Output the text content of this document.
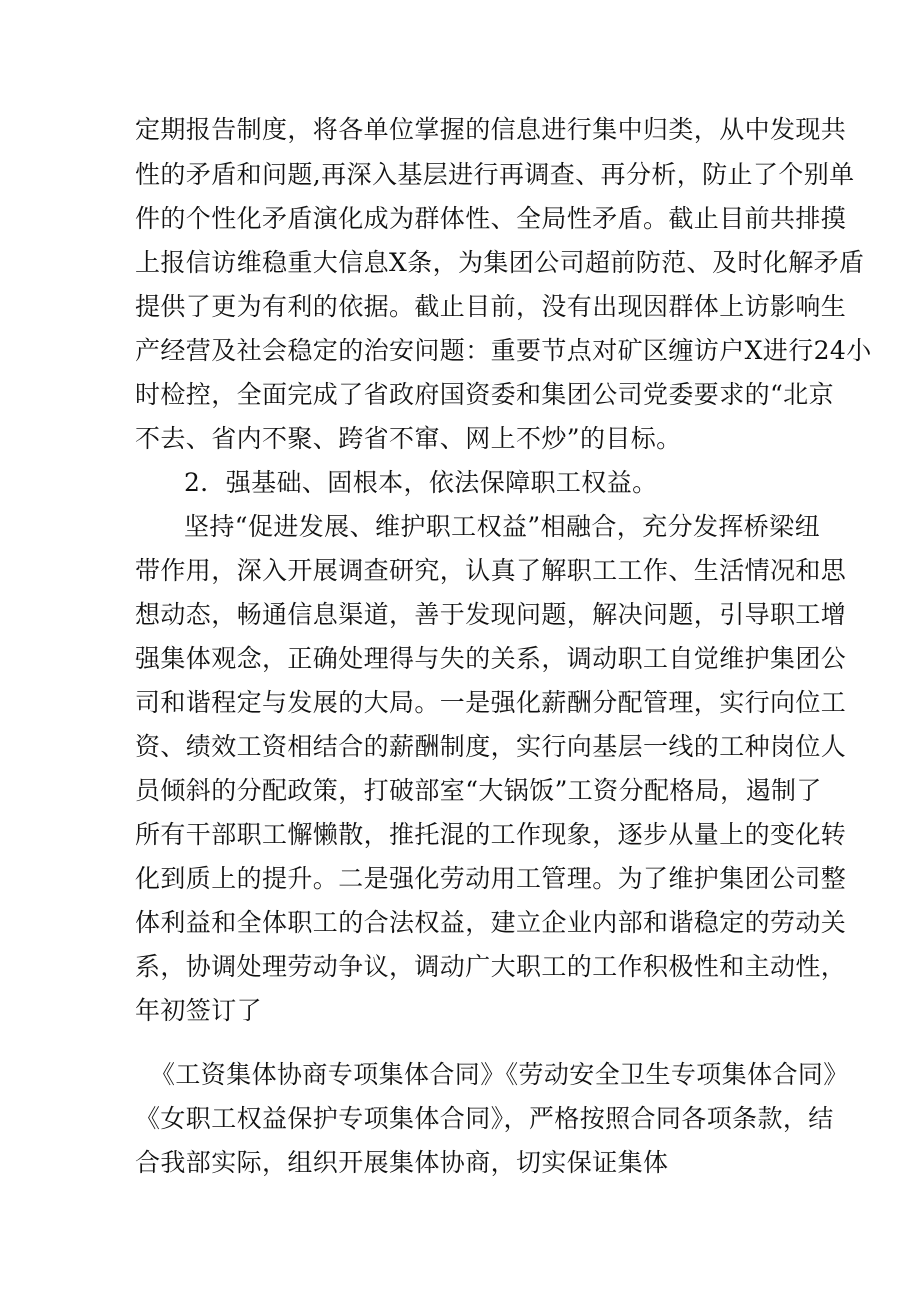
定期报告制度，将各单位掌握的信息进行集中归类，从中发现共
性的矛盾和问题,再深入基层进行再调查、再分析，防止了个别单
件的个性化矛盾演化成为群体性、全局性矛盾。截止目前共排摸
上报信访维稳重大信息X条，为集团公司超前防范、及时化解矛盾
提供了更为有利的依据。截止目前，没有出现因群体上访影响生
产经营及社会稳定的治安问题：重要节点对矿区缠访户X进行24小
时检控，全面完成了省政府国资委和集团公司党委要求的“北京
不去、省内不聚、跨省不窜、网上不炒”的目标。
2．强基础、固根本，依法保障职工权益。
坚持“促进发展、维护职工权益”相融合，充分发挥桥梁纽
带作用，深入开展调查研究，认真了解职工工作、生活情况和思
想动态，畅通信息渠道，善于发现问题，解决问题，引导职工增
强集体观念，正确处理得与失的关系，调动职工自觉维护集团公
司和谐程定与发展的大局。一是强化薪酬分配管理，实行向位工
资、绩效工资相结合的薪酬制度，实行向基层一线的工种岗位人
员倾斜的分配政策，打破部室“大锅饭”工资分配格局，遏制了
所有干部职工懈懒散，推托混的工作现象，逐步从量上的变化转
化到质上的提升。二是强化劳动用工管理。为了维护集团公司整
体利益和全体职工的合法权益，建立企业内部和谐稳定的劳动关
系，协调处理劳动争议，调动广大职工的工作积极性和主动性，
年初签订了
《工资集体协商专项集体合同》《劳动安全卫生专项集体合同》
《女职工权益保护专项集体合同》，严格按照合同各项条款，结
合我部实际，组织开展集体协商，切实保证集体
